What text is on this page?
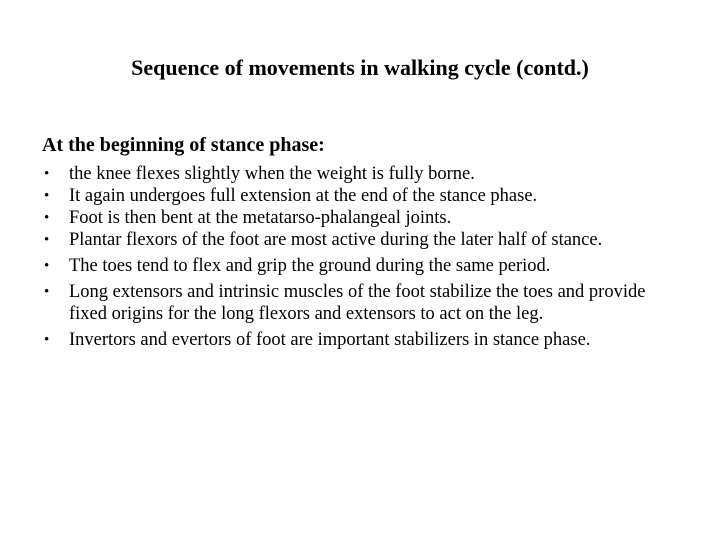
Sequence of movements in walking cycle (contd.)
At the beginning of stance phase:
• the knee flexes slightly when the weight is fully borne.
• It again undergoes full extension at the end of the stance phase.
• Foot is then bent at the metatarso-phalangeal joints.
• Plantar flexors of the foot are most active during the later half of stance.
• The toes tend to flex and grip the ground during the same period.
• Long extensors and intrinsic muscles of the foot stabilize the toes and provide fixed origins for the long flexors and extensors to act on the leg.
• Invertors and evertors of foot are important stabilizers in stance phase.
